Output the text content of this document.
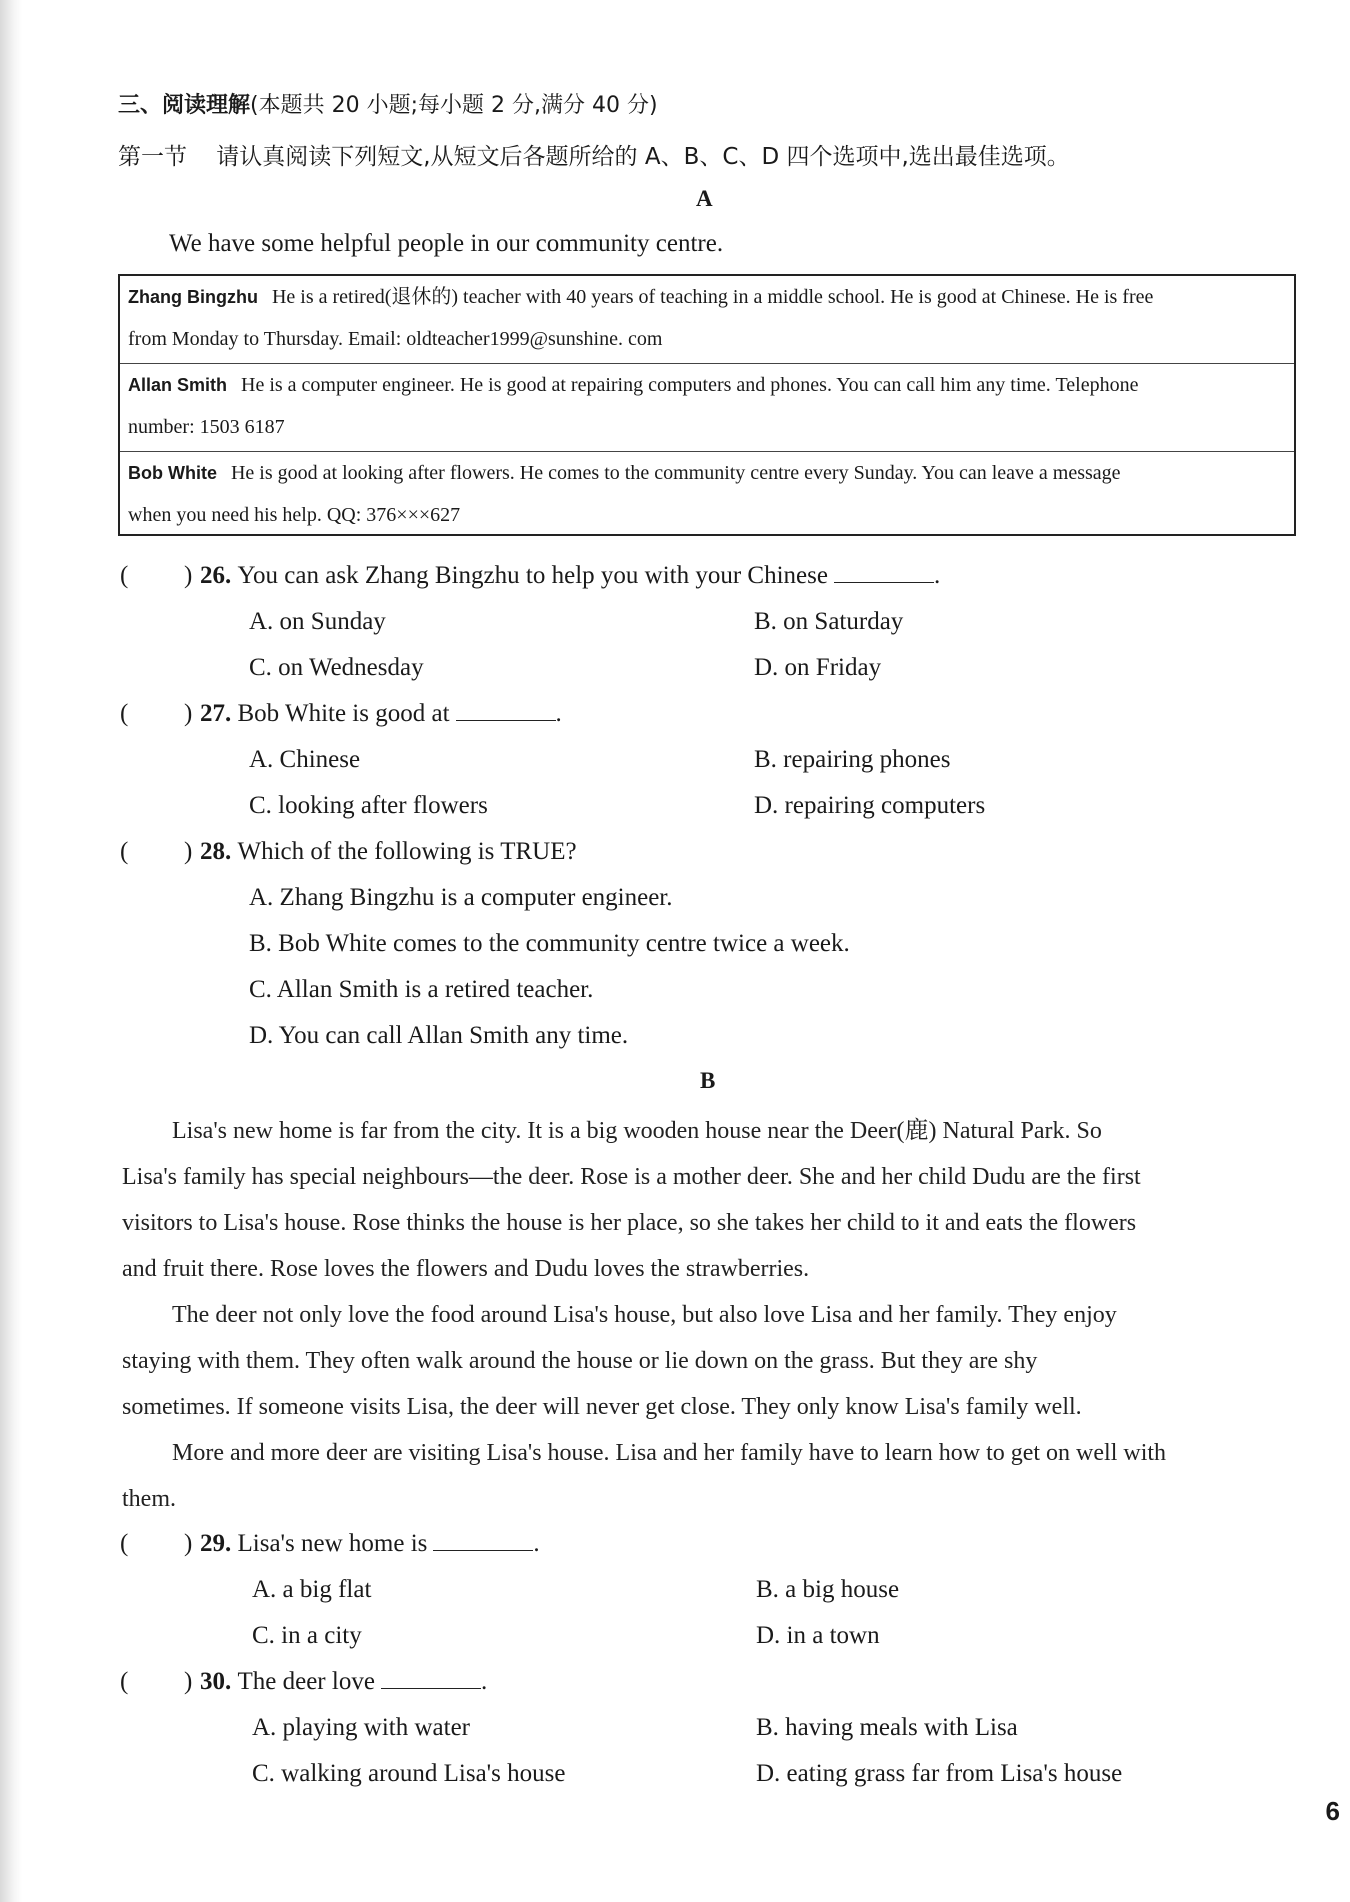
三、阅读理解(本题共 20 小题;每小题 2 分,满分 40 分)
第一节 请认真阅读下列短文,从短文后各题所给的 A、B、C、D 四个选项中,选出最佳选项。
A
We have some helpful people in our community centre.
Zhang Bingzhu He is a retired(退休的) teacher with 40 years of teaching in a middle school. He is good at Chinese. He is free
from Monday to Thursday. Email: oldteacher1999@sunshine. com
Allan Smith He is a computer engineer. He is good at repairing computers and phones. You can call him any time. Telephone
number: 1503 6187
Bob White He is good at looking after flowers. He comes to the community centre every Sunday. You can leave a message
when you need his help. QQ: 376×××627
( ) 26. You can ask Zhang Bingzhu to help you with your Chinese	.
A. on Sunday	B. on Saturday
C. on Wednesday	D. on Friday
( ) 27. Bob White is good at	.
A. Chinese	B. repairing phones
C. looking after flowers	D. repairing computers
( ) 28. Which of the following is TRUE?
A. Zhang Bingzhu is a computer engineer.
B. Bob White comes to the community centre twice a week.
C. Allan Smith is a retired teacher.
D. You can call Allan Smith any time.
B
Lisa's new home is far from the city. It is a big wooden house near the Deer(鹿) Natural Park. So
Lisa's family has special neighbours—the deer. Rose is a mother deer. She and her child Dudu are the first
visitors to Lisa's house. Rose thinks the house is her place, so she takes her child to it and eats the flowers
and fruit there. Rose loves the flowers and Dudu loves the strawberries.
The deer not only love the food around Lisa's house, but also love Lisa and her family. They enjoy
staying with them. They often walk around the house or lie down on the grass. But they are shy
sometimes. If someone visits Lisa, the deer will never get close. They only know Lisa's family well.
More and more deer are visiting Lisa's house. Lisa and her family have to learn how to get on well with
them.
( ) 29. Lisa's new home is	.
A. a big flat	B. a big house
C. in a city	D. in a town
( ) 30. The deer love	.
A. playing with water	B. having meals with Lisa
C. walking around Lisa's house	D. eating grass far from Lisa's house
6
